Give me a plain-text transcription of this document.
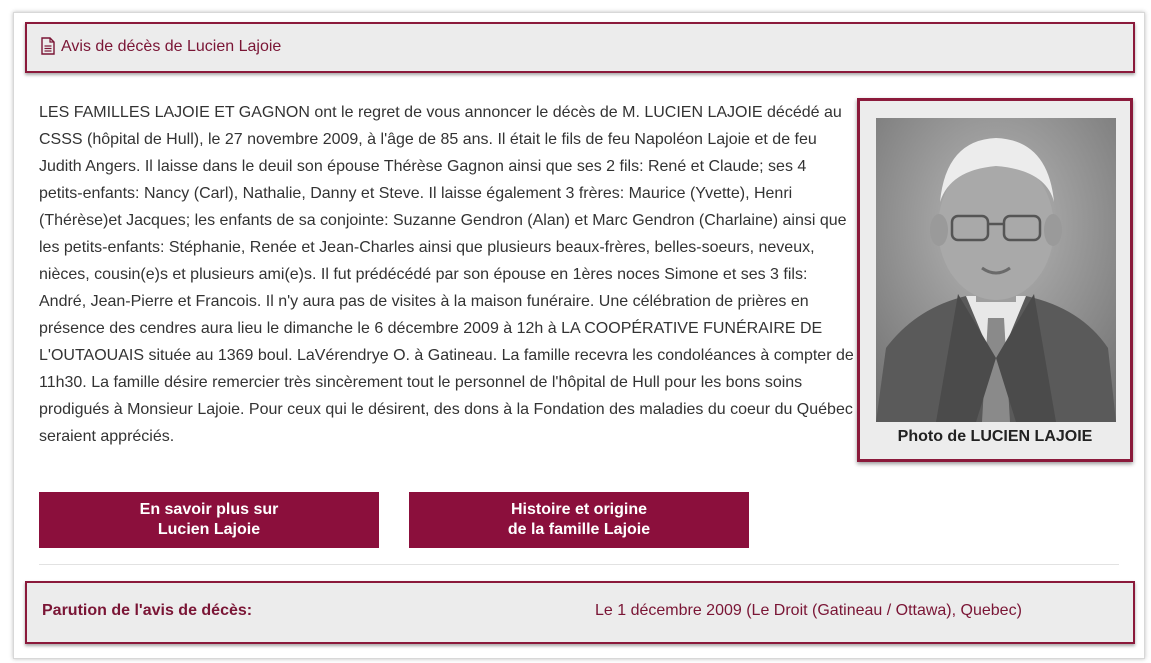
Avis de décès de Lucien Lajoie

LES FAMILLES LAJOIE ET GAGNON ont le regret de vous annoncer le décès de M. LUCIEN LAJOIE décédé au CSSS (hôpital de Hull), le 27 novembre 2009, à l'âge de 85 ans. Il était le fils de feu Napoléon Lajoie et de feu Judith Angers. Il laisse dans le deuil son épouse Thérèse Gagnon ainsi que ses 2 fils: René et Claude; ses 4 petits-enfants: Nancy (Carl), Nathalie, Danny et Steve. Il laisse également 3 frères: Maurice (Yvette), Henri (Thérèse)et Jacques; les enfants de sa conjointe: Suzanne Gendron (Alan) et Marc Gendron (Charlaine) ainsi que les petits-enfants: Stéphanie, Renée et Jean-Charles ainsi que plusieurs beaux-frères, belles-soeurs, neveux, nièces, cousin(e)s et plusieurs ami(e)s. Il fut prédécédé par son épouse en 1ères noces Simone et ses 3 fils: André, Jean-Pierre et Francois. Il n'y aura pas de visites à la maison funéraire. Une célébration de prières en présence des cendres aura lieu le dimanche le 6 décembre 2009 à 12h à LA COOPÉRATIVE FUNÉRAIRE DE L'OUTAOUAIS située au 1369 boul. LaVérendrye O. à Gatineau. La famille recevra les condoléances à compter de 11h30. La famille désire remercier très sincèrement tout le personnel de l'hôpital de Hull pour les bons soins prodigués à Monsieur Lajoie. Pour ceux qui le désirent, des dons à la Fondation des maladies du coeur du Québec seraient appréciés.	Photo de LUCIEN LAJOIE
En savoir plus sur
Lucien Lajoie
Histoire et origine
de la famille Lajoie
Parution de l'avis de décès:	Le 1 décembre 2009 (Le Droit (Gatineau / Ottawa), Quebec)
